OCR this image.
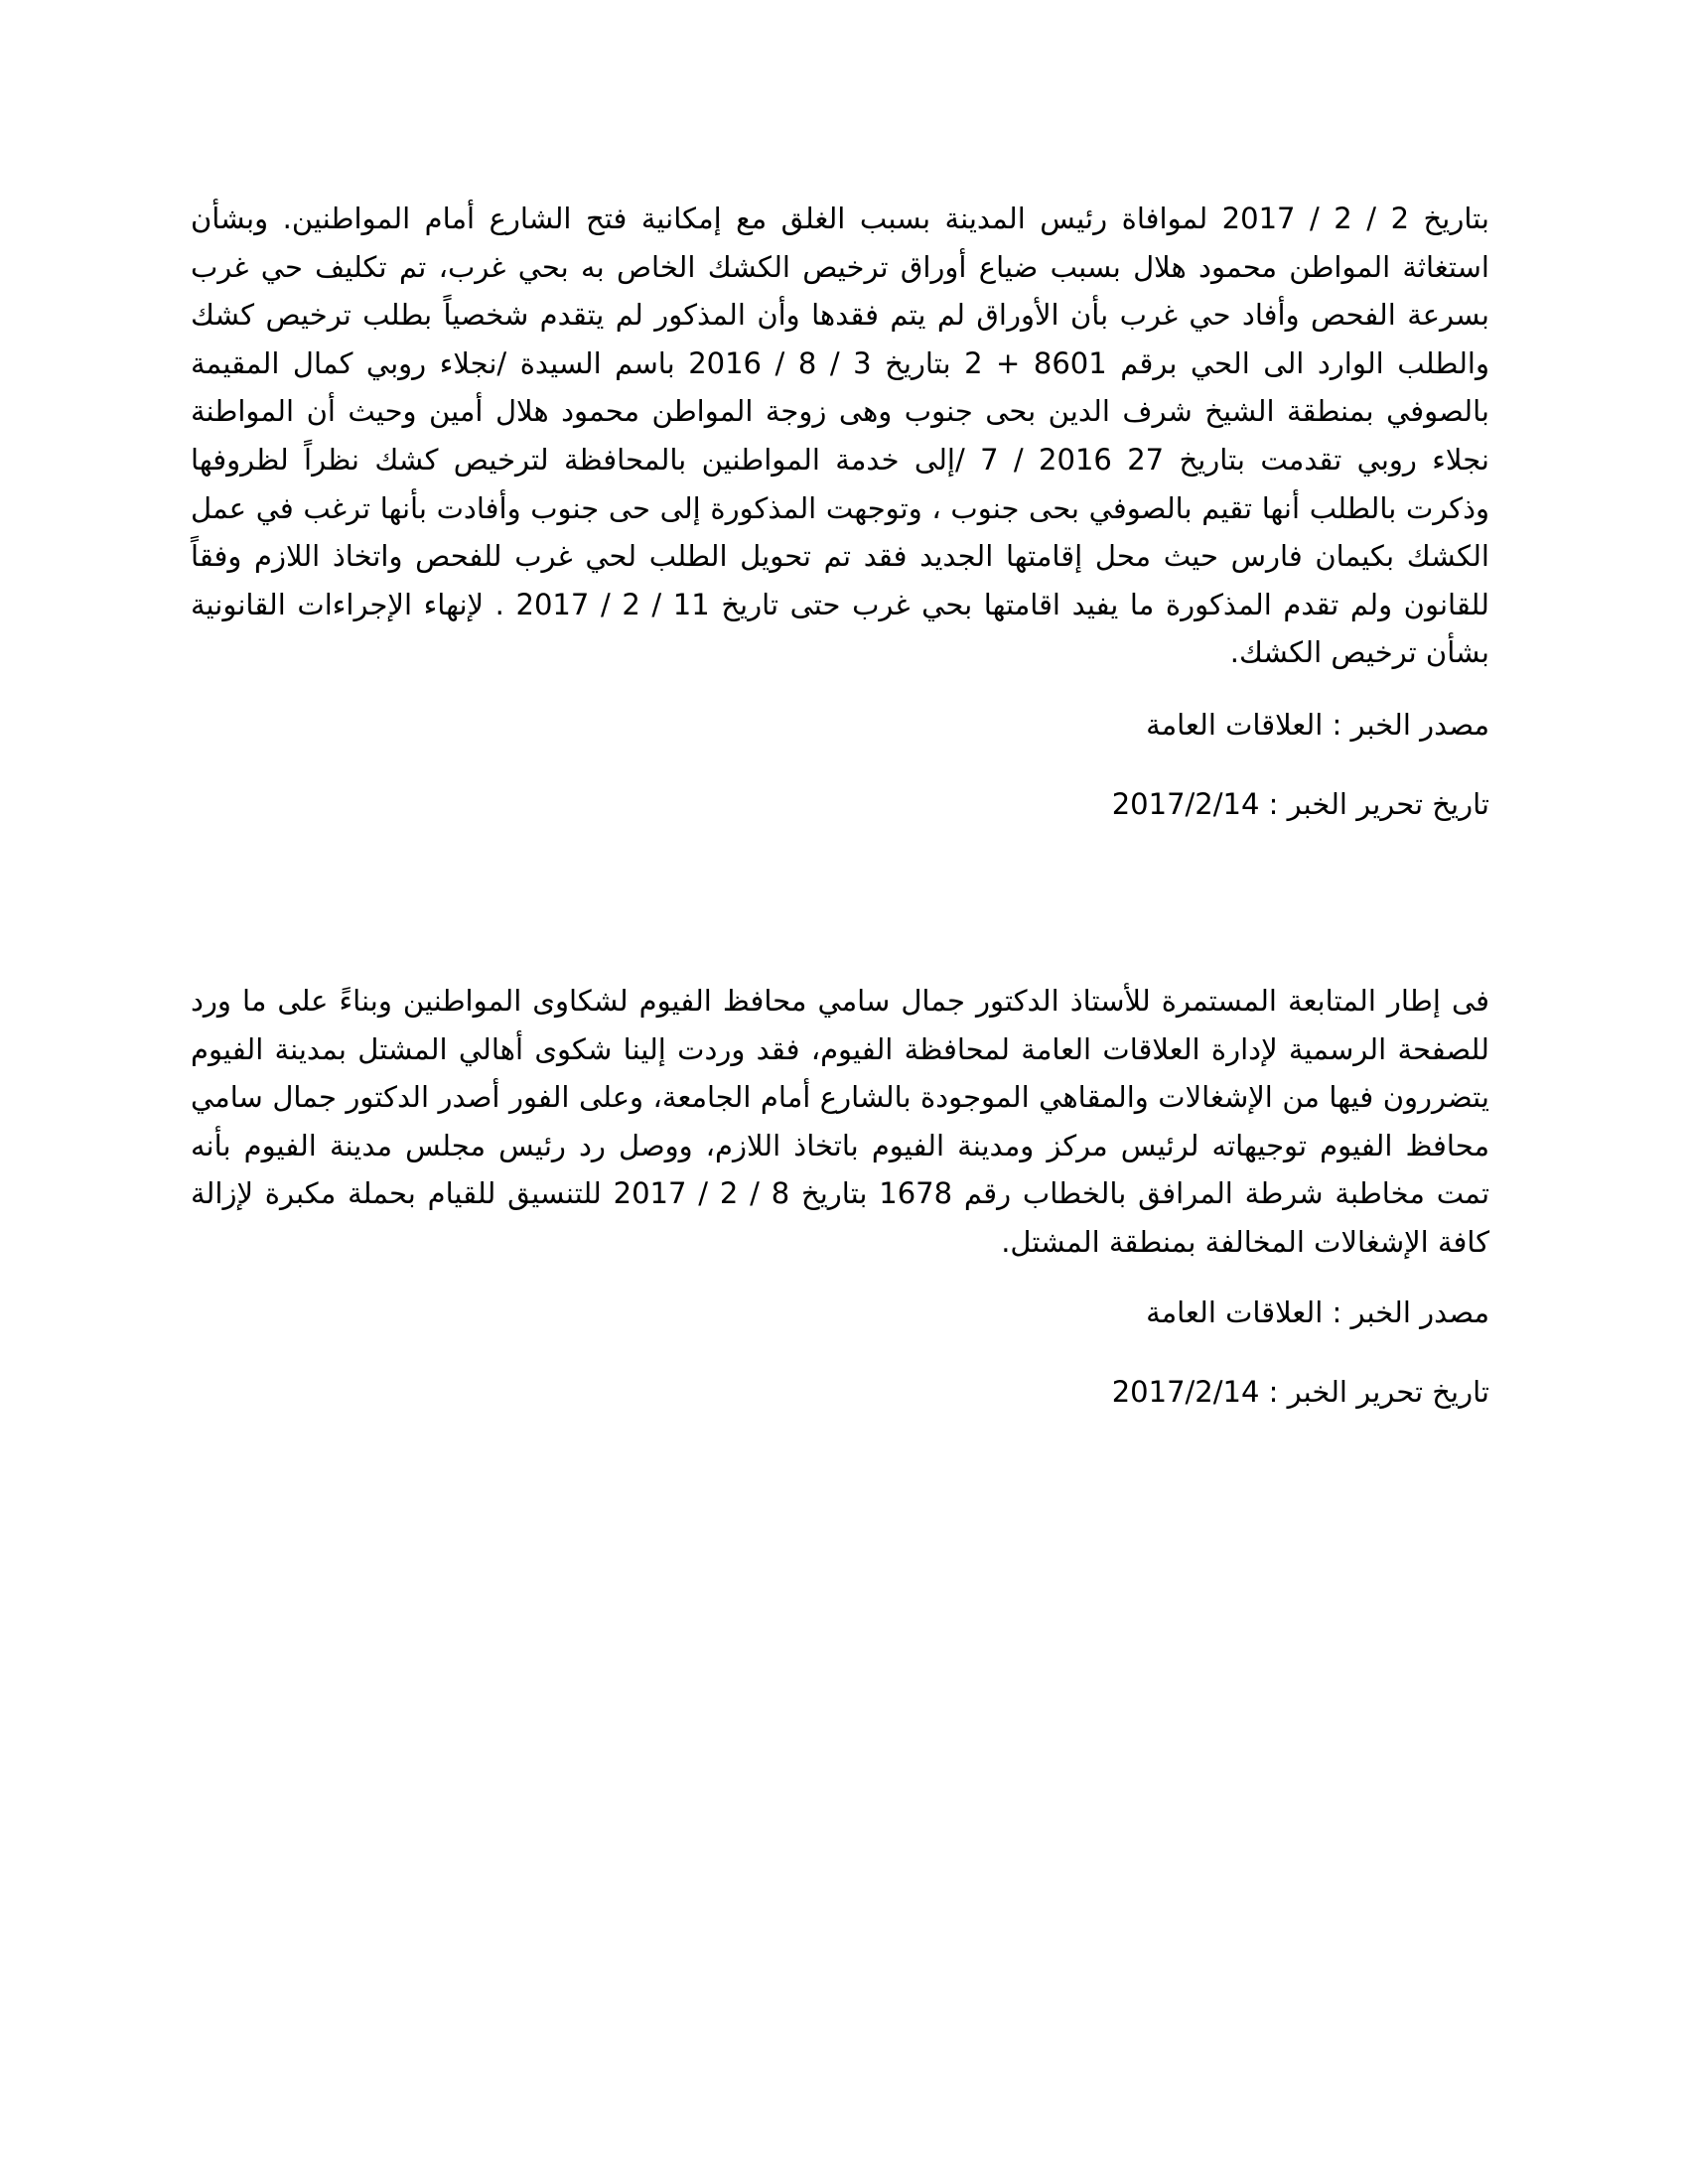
بتاريخ 2 / 2 / 2017 لموافاة رئيس المدينة بسبب الغلق مع إمكانية فتح الشارع أمام المواطنين. وبشأن استغاثة المواطن محمود هلال بسبب ضياع أوراق ترخيص الكشك الخاص به بحي غرب، تم تكليف حي غرب بسرعة الفحص وأفاد حي غرب بأن الأوراق لم يتم فقدها وأن المذكور لم يتقدم شخصياً بطلب ترخيص كشك والطلب الوارد الى الحي برقم 8601 + 2 بتاريخ 3 / 8 / 2016 باسم السيدة /نجلاء روبي كمال المقيمة بالصوفي بمنطقة الشيخ شرف الدين بحى جنوب وهى زوجة المواطن محمود هلال أمين وحيث أن المواطنة نجلاء روبي تقدمت بتاريخ 27 2016 / 7 /إلى خدمة المواطنين بالمحافظة لترخيص كشك نظراً لظروفها وذكرت بالطلب أنها تقيم بالصوفي بحى جنوب ، وتوجهت المذكورة إلى حى جنوب وأفادت بأنها ترغب في عمل الكشك بكيمان فارس حيث محل إقامتها الجديد فقد تم تحويل الطلب لحي غرب للفحص واتخاذ اللازم وفقاً للقانون ولم تقدم المذكورة ما يفيد اقامتها بحي غرب حتى تاريخ 11 / 2 / 2017 . لإنهاء الإجراءات القانونية بشأن ترخيص الكشك.

مصدر الخبر : العلاقات العامة

تاريخ تحرير الخبر : 2017/2/14

فى إطار المتابعة المستمرة للأستاذ الدكتور جمال سامي محافظ الفيوم لشكاوى المواطنين وبناءً على ما ورد للصفحة الرسمية لإدارة العلاقات العامة لمحافظة الفيوم، فقد وردت إلينا شكوى أهالي المشتل بمدينة الفيوم يتضررون فيها من الإشغالات والمقاهي الموجودة بالشارع أمام الجامعة، وعلى الفور أصدر الدكتور جمال سامي محافظ الفيوم توجيهاته لرئيس مركز ومدينة الفيوم باتخاذ اللازم، ووصل رد رئيس مجلس مدينة الفيوم بأنه تمت مخاطبة شرطة المرافق بالخطاب رقم 1678 بتاريخ 8 / 2 / 2017 للتنسيق للقيام بحملة مكبرة لإزالة كافة الإشغالات المخالفة بمنطقة المشتل.

مصدر الخبر : العلاقات العامة

تاريخ تحرير الخبر : 2017/2/14
